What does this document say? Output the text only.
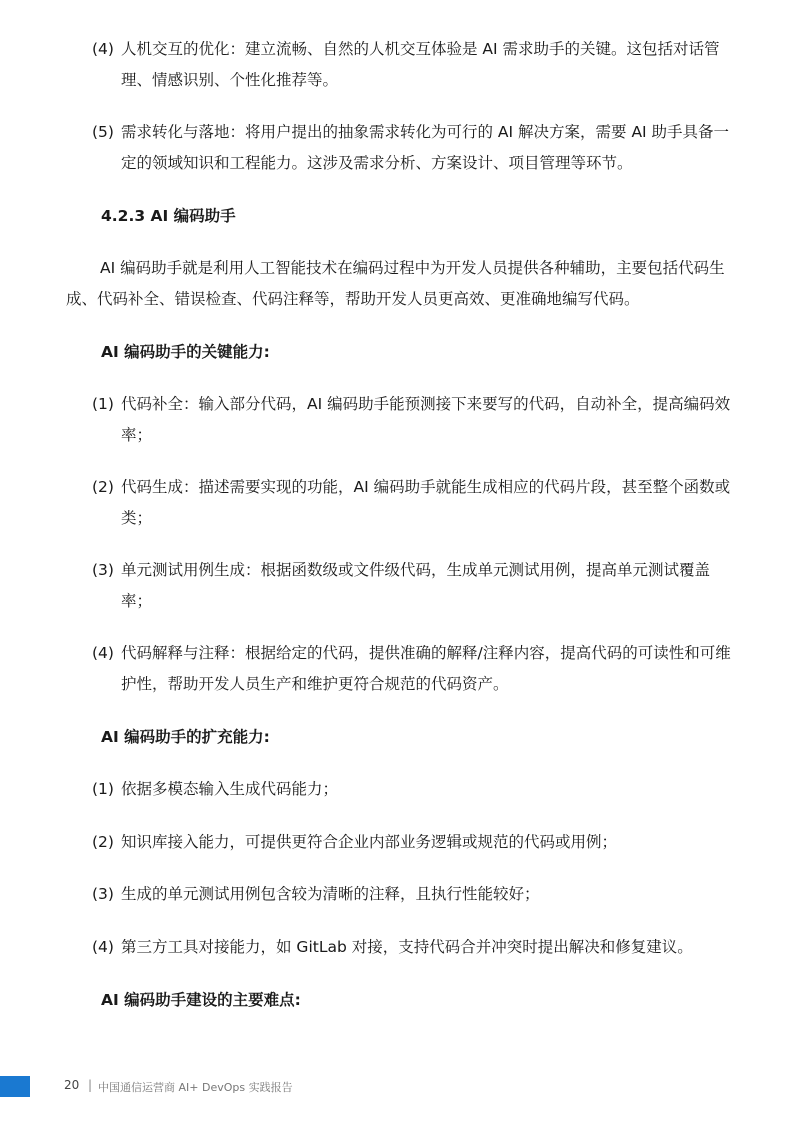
(4) 人机交互的优化：建立流畅、自然的人机交互体验是 AI 需求助手的关键。这包括对话管理、情感识别、个性化推荐等。
(5) 需求转化与落地：将用户提出的抽象需求转化为可行的 AI 解决方案，需要 AI 助手具备一定的领域知识和工程能力。这涉及需求分析、方案设计、项目管理等环节。
4.2.3 AI 编码助手
AI 编码助手就是利用人工智能技术在编码过程中为开发人员提供各种辅助，主要包括代码生成、代码补全、错误检查、代码注释等，帮助开发人员更高效、更准确地编写代码。
AI 编码助手的关键能力:
(1) 代码补全：输入部分代码，AI 编码助手能预测接下来要写的代码，自动补全，提高编码效率；
(2) 代码生成：描述需要实现的功能，AI 编码助手就能生成相应的代码片段，甚至整个函数或类；
(3) 单元测试用例生成：根据函数级或文件级代码，生成单元测试用例，提高单元测试覆盖率；
(4) 代码解释与注释：根据给定的代码，提供准确的解释/注释内容，提高代码的可读性和可维护性，帮助开发人员生产和维护更符合规范的代码资产。
AI 编码助手的扩充能力:
(1) 依据多模态输入生成代码能力；
(2) 知识库接入能力，可提供更符合企业内部业务逻辑或规范的代码或用例；
(3) 生成的单元测试用例包含较为清晰的注释，且执行性能较好；
(4) 第三方工具对接能力，如 GitLab 对接，支持代码合并冲突时提出解决和修复建议。
AI 编码助手建设的主要难点:
20 | 中国通信运营商 AI+ DevOps 实践报告
